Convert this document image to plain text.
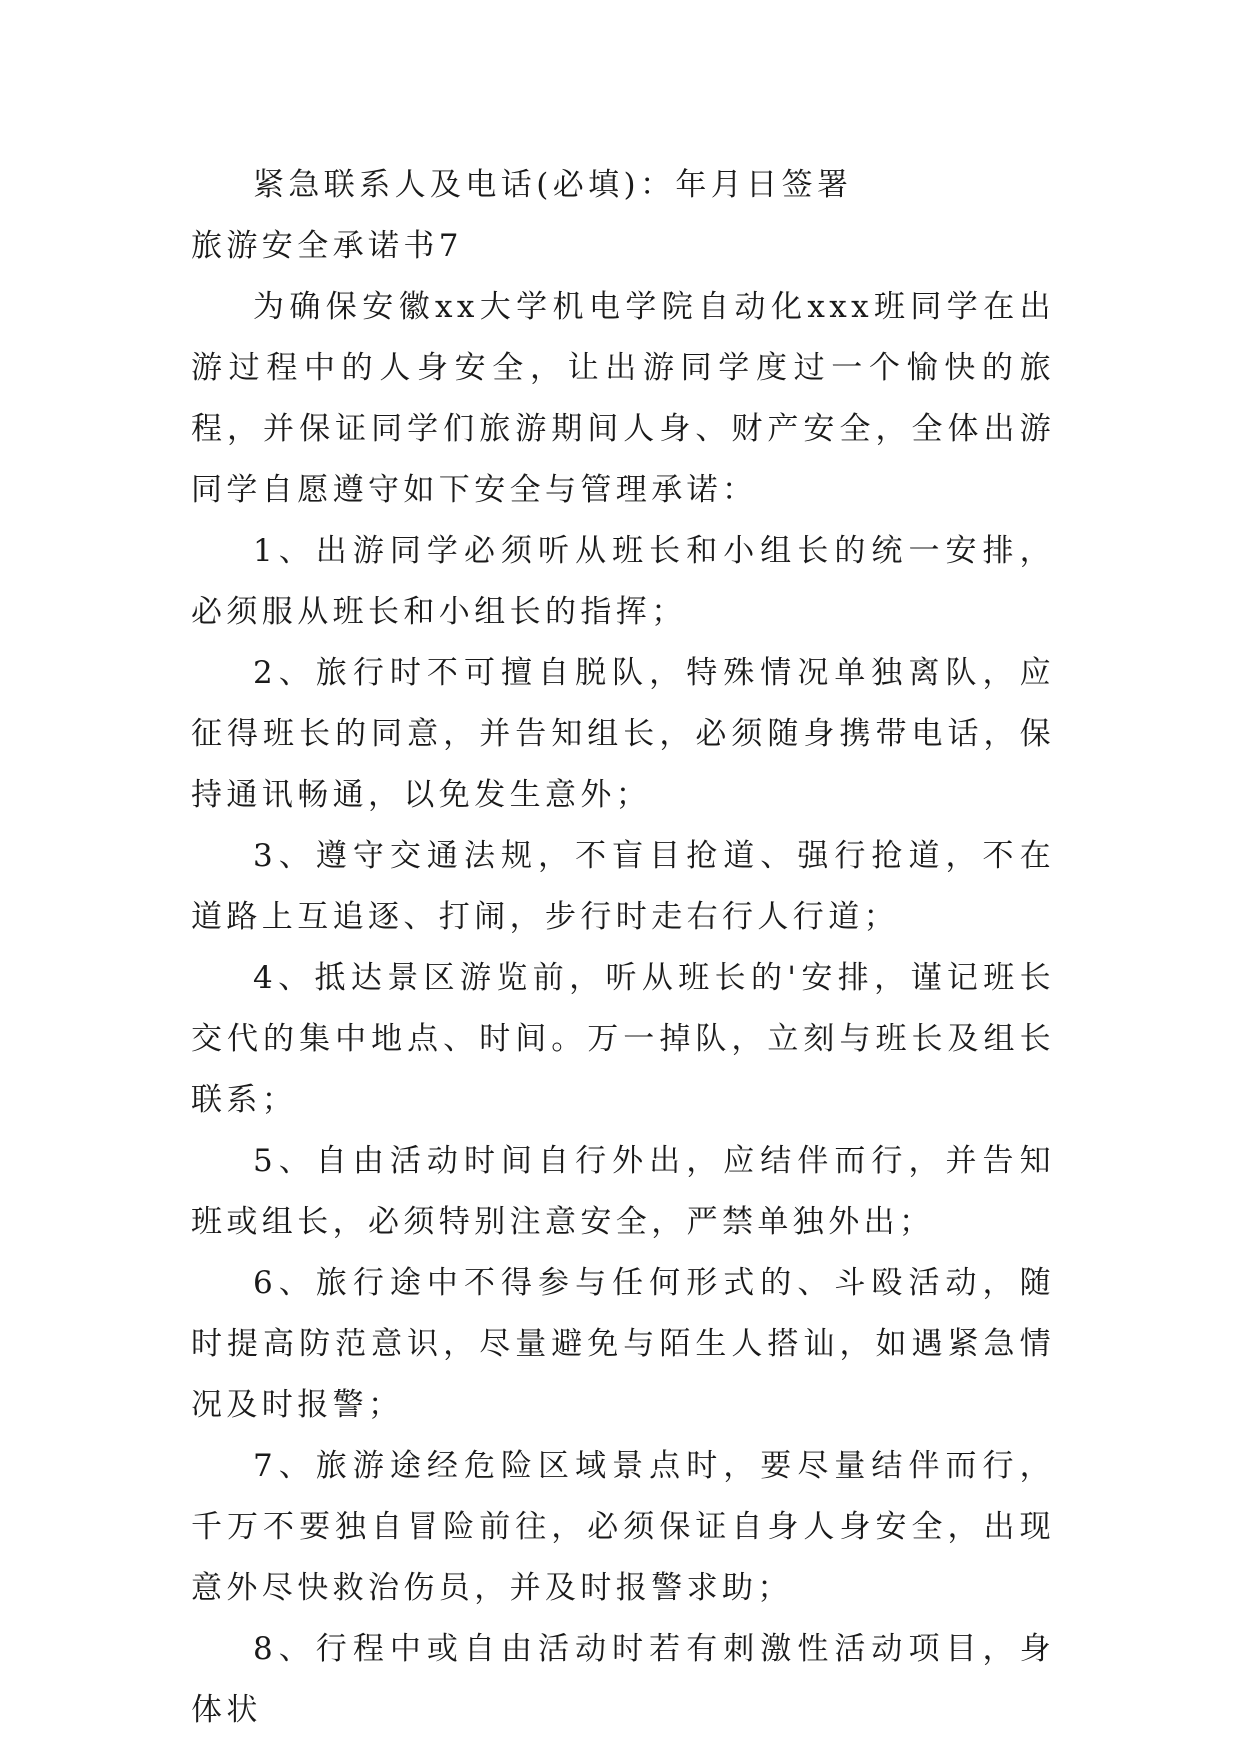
紧急联系人及电话(必填)：年月日签署

旅游安全承诺书7

为确保安徽xx大学机电学院自动化xxx班同学在出游过程中的人身安全，让出游同学度过一个愉快的旅程，并保证同学们旅游期间人身、财产安全，全体出游同学自愿遵守如下安全与管理承诺：

1、出游同学必须听从班长和小组长的统一安排，必须服从班长和小组长的指挥；

2、旅行时不可擅自脱队，特殊情况单独离队，应征得班长的同意，并告知组长，必须随身携带电话，保持通讯畅通，以免发生意外；

3、遵守交通法规，不盲目抢道、强行抢道，不在道路上互追逐、打闹，步行时走右行人行道；

4、抵达景区游览前，听从班长的'安排，谨记班长交代的集中地点、时间。万一掉队，立刻与班长及组长联系；

5、自由活动时间自行外出，应结伴而行，并告知班或组长，必须特别注意安全，严禁单独外出；

6、旅行途中不得参与任何形式的、斗殴活动，随时提高防范意识，尽量避免与陌生人搭讪，如遇紧急情况及时报警；

7、旅游途经危险区域景点时，要尽量结伴而行，千万不要独自冒险前往，必须保证自身人身安全，出现意外尽快救治伤员，并及时报警求助；

8、行程中或自由活动时若有刺激性活动项目，身体状
